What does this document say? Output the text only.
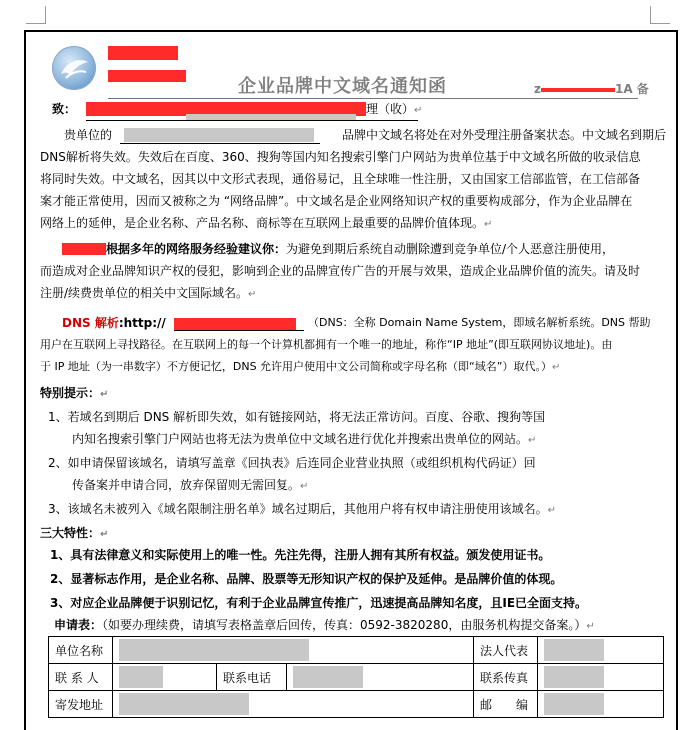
企业品牌中文域名通知函	z	1A 备
致：	理（收）↵
贵单位的	品牌中文域名将处在对外受理注册备案状态。中文域名到期后
DNS解析将失效。失效后在百度、360、搜狗等国内知名搜索引擎门户网站为贵单位基于中文域名所做的收录信息
将同时失效。中文域名，因其以中文形式表现，通俗易记，且全球唯一性注册，又由国家工信部监管，在工信部备
案才能正常使用，因而又被称之为 “网络品牌”。中文域名是企业网络知识产权的重要构成部分，作为企业品牌在
网络上的延伸，是企业名称、产品名称、商标等在互联网上最重要的品牌价值体现。↵
根据多年的网络服务经验建议你：为避免到期后系统自动删除遭到竞争单位/个人恶意注册使用，
而造成对企业品牌知识产权的侵犯，影响到企业的品牌宣传广告的开展与效果，造成企业品牌价值的流失。请及时
注册/续费贵单位的相关中文国际域名。↵
DNS 解析:http://	（DNS：全称 Domain Name System，即域名解析系统。DNS 帮助
用户在互联网上寻找路径。在互联网上的每一个计算机都拥有一个唯一的地址，称作“IP 地址”(即互联网协议地址)。由
于 IP 地址（为一串数字）不方便记忆，DNS 允许用户使用中文公司简称或字母名称（即“域名”）取代。）↵
特别提示：↵
1、若域名到期后 DNS 解析即失效，如有链接网站，将无法正常访问。百度、谷歌、搜狗等国
内知名搜索引擎门户网站也将无法为贵单位中文域名进行优化并搜索出贵单位的网站。↵
2、如申请保留该域名，请填写盖章《回执表》后连同企业营业执照（或组织机构代码证）回
传备案并申请合同，放弃保留则无需回复。↵
3、该域名未被列入《域名限制注册名单》域名过期后，其他用户将有权申请注册使用该域名。↵
三大特性：↵
1、具有法律意义和实际使用上的唯一性。先注先得，注册人拥有其所有权益。颁发使用证书。
2、显著标志作用，是企业名称、品牌、股票等无形知识产权的保护及延伸。是品牌价值的体现。
3、对应企业品牌便于识别记忆，有利于企业品牌宣传推广，迅速提高品牌知名度，且IE已全面支持。
申请表：（如要办理续费，请填写表格盖章后回传，传真：0592-3820280，由服务机构提交备案。）↵
单位名称				法人代表	
联 系 人		联系电话		联系传真	
寄发地址				邮　　编	
